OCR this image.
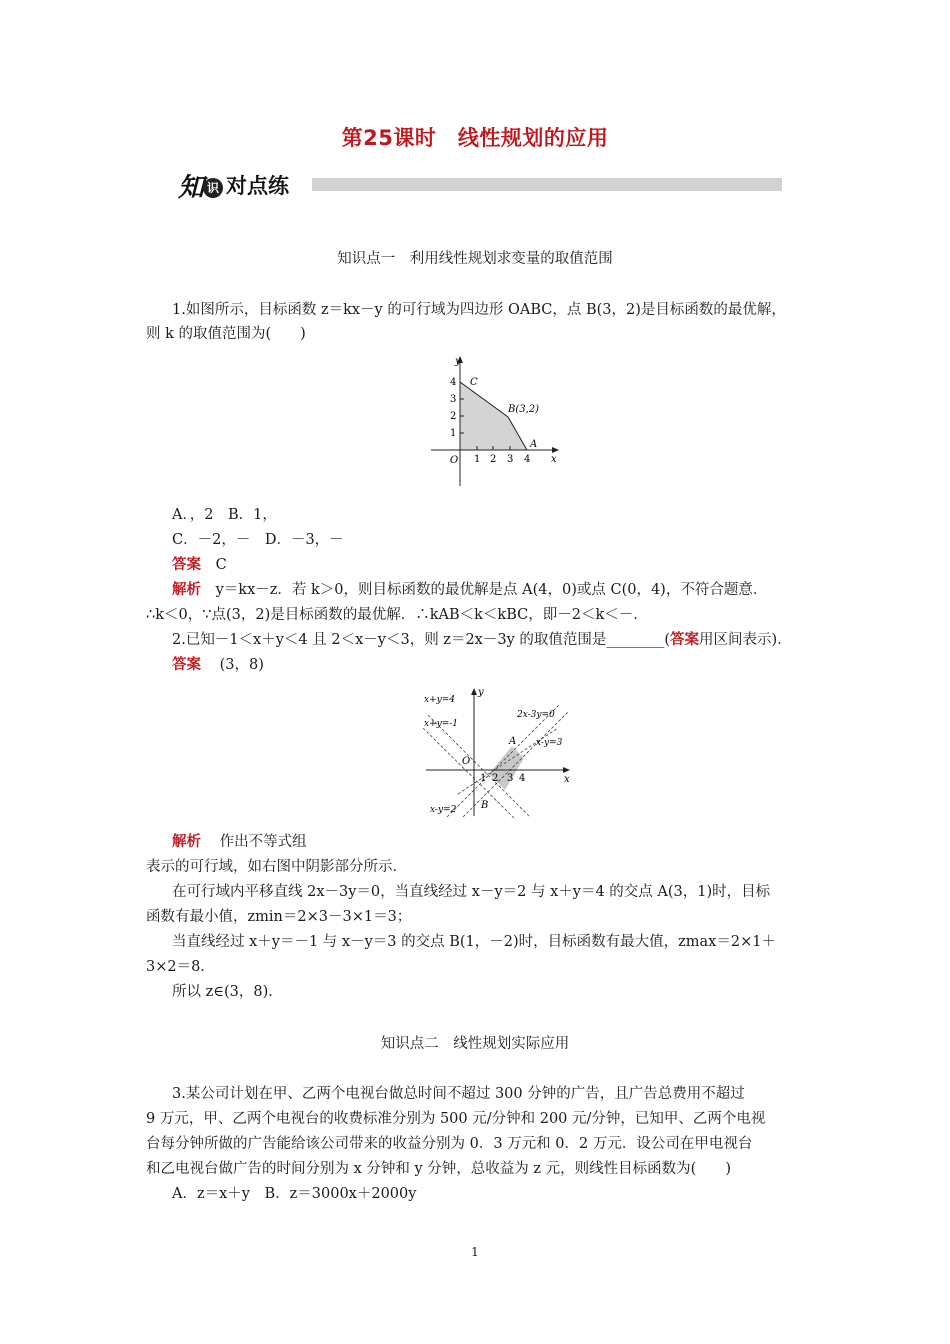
第25课时　线性规划的应用
知 识 对点练
知识点一　利用线性规划求变量的取值范围
1.如图所示，目标函数 z＝kx－y 的可行域为四边形 OABC，点 B(3，2)是目标函数的最优解，
则 k 的取值范围为(　　)
y
x
O
C
B(3,2)
A
1
2
3
4
1 2 3 4
A．，2　B．1，
C．－2，－　D．－3，－
答案 C
解析 y＝kx－z．若 k＞0，则目标函数的最优解是点 A(4，0)或点 C(0，4)，不符合题意．
∴k＜0，∵点(3，2)是目标函数的最优解．∴kAB＜k＜kBC，即－2＜k＜－．
2.已知－1＜x＋y＜4 且 2＜x－y＜3，则 z＝2x－3y 的取值范围是________(答案用区间表示)．
答案 (3，8)
y
x
O
x+y=4
x+y=-1
2x-3y=0
x-y=3
x-y=2
A
B
1 2 3 4
解析 作出不等式组
表示的可行域，如右图中阴影部分所示．
在可行域内平移直线 2x－3y＝0，当直线经过 x－y＝2 与 x＋y＝4 的交点 A(3，1)时，目标
函数有最小值，zmin＝2×3－3×1＝3；
当直线经过 x＋y＝－1 与 x－y＝3 的交点 B(1，－2)时，目标函数有最大值，zmax＝2×1＋
3×2＝8．
所以 z∈(3，8)．
知识点二　线性规划实际应用
3.某公司计划在甲、乙两个电视台做总时间不超过 300 分钟的广告，且广告总费用不超过
9 万元，甲、乙两个电视台的收费标准分别为 500 元/分钟和 200 元/分钟，已知甲、乙两个电视
台每分钟所做的广告能给该公司带来的收益分别为 0．3 万元和 0．2 万元．设公司在甲电视台
和乙电视台做广告的时间分别为 x 分钟和 y 分钟，总收益为 z 元，则线性目标函数为(　　)
A．z＝x＋y　B．z＝3000x＋2000y
1
